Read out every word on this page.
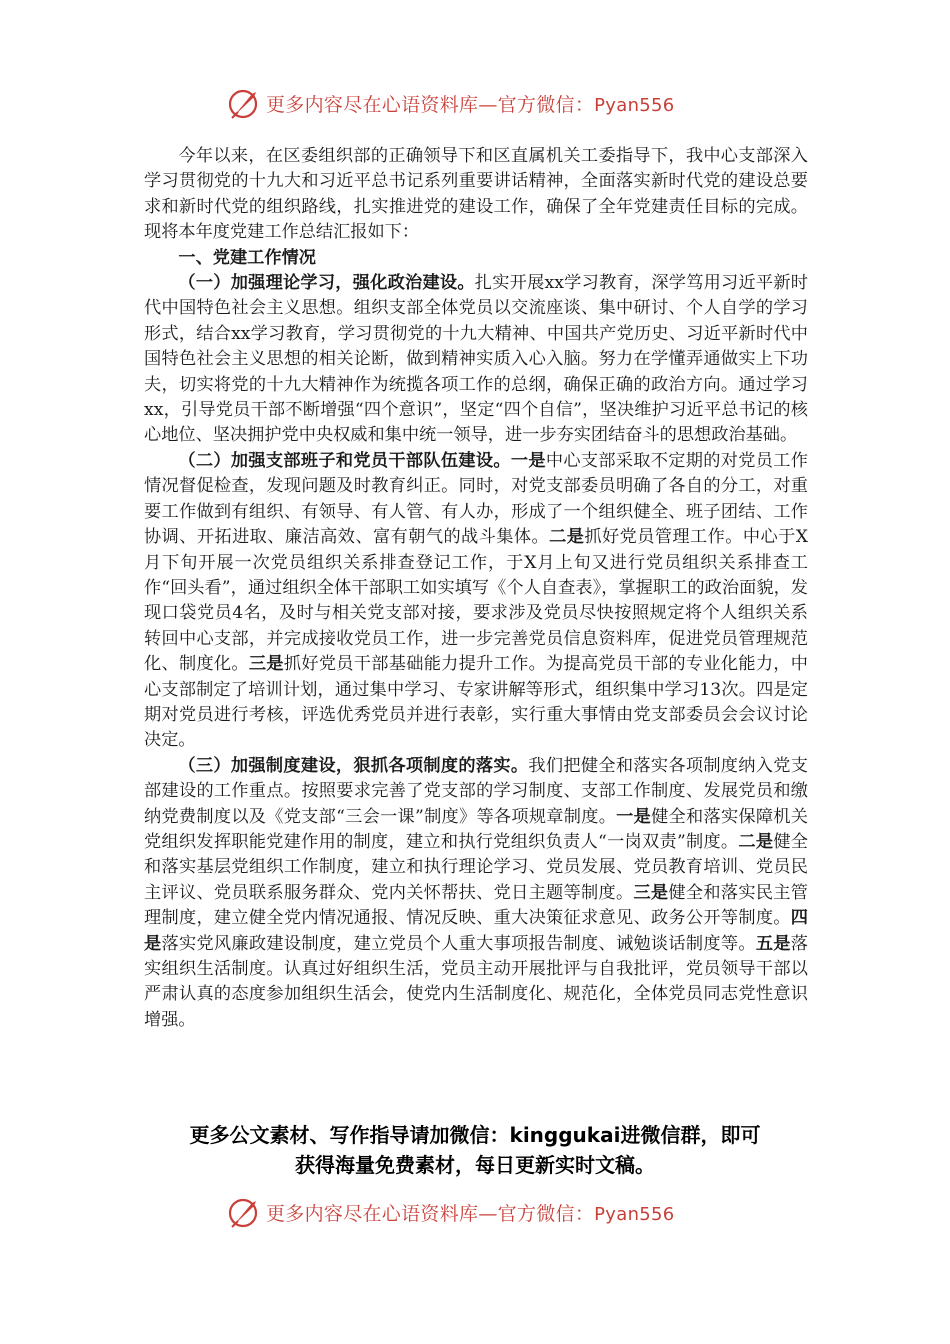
更多内容尽在心语资料库—官方微信：Pyan556

今年以来，在区委组织部的正确领导下和区直属机关工委指导下，我中心支部深入学习贯彻党的十九大和习近平总书记系列重要讲话精神，全面落实新时代党的建设总要求和新时代党的组织路线，扎实推进党的建设工作，确保了全年党建责任目标的完成。现将本年度党建工作总结汇报如下：

一、党建工作情况

（一）加强理论学习，强化政治建设。扎实开展xx学习教育，深学笃用习近平新时代中国特色社会主义思想。组织支部全体党员以交流座谈、集中研讨、个人自学的学习形式，结合xx学习教育，学习贯彻党的十九大精神、中国共产党历史、习近平新时代中国特色社会主义思想的相关论断，做到精神实质入心入脑。努力在学懂弄通做实上下功夫，切实将党的十九大精神作为统揽各项工作的总纲，确保正确的政治方向。通过学习xx，引导党员干部不断增强“四个意识”，坚定“四个自信”，坚决维护习近平总书记的核心地位、坚决拥护党中央权威和集中统一领导，进一步夯实团结奋斗的思想政治基础。

（二）加强支部班子和党员干部队伍建设。一是中心支部采取不定期的对党员工作情况督促检查，发现问题及时教育纠正。同时，对党支部委员明确了各自的分工，对重要工作做到有组织、有领导、有人管、有人办，形成了一个组织健全、班子团结、工作协调、开拓进取、廉洁高效、富有朝气的战斗集体。二是抓好党员管理工作。中心于X月下旬开展一次党员组织关系排查登记工作，于X月上旬又进行党员组织关系排查工作“回头看”，通过组织全体干部职工如实填写《个人自查表》，掌握职工的政治面貌，发现口袋党员4名，及时与相关党支部对接，要求涉及党员尽快按照规定将个人组织关系转回中心支部，并完成接收党员工作，进一步完善党员信息资料库，促进党员管理规范化、制度化。三是抓好党员干部基础能力提升工作。为提高党员干部的专业化能力，中心支部制定了培训计划，通过集中学习、专家讲解等形式，组织集中学习13次。四是定期对党员进行考核，评选优秀党员并进行表彰，实行重大事情由党支部委员会会议讨论决定。

（三）加强制度建设，狠抓各项制度的落实。我们把健全和落实各项制度纳入党支部建设的工作重点。按照要求完善了党支部的学习制度、支部工作制度、发展党员和缴纳党费制度以及《党支部“三会一课”制度》等各项规章制度。一是健全和落实保障机关党组织发挥职能党建作用的制度，建立和执行党组织负责人“一岗双责”制度。二是健全和落实基层党组织工作制度，建立和执行理论学习、党员发展、党员教育培训、党员民主评议、党员联系服务群众、党内关怀帮扶、党日主题等制度。三是健全和落实民主管理制度，建立健全党内情况通报、情况反映、重大决策征求意见、政务公开等制度。四是落实党风廉政建设制度，建立党员个人重大事项报告制度、诫勉谈话制度等。五是落实组织生活制度。认真过好组织生活，党员主动开展批评与自我批评，党员领导干部以严肃认真的态度参加组织生活会，使党内生活制度化、规范化，全体党员同志党性意识增强。

更多公文素材、写作指导请加微信：kinggukai进微信群，即可
获得海量免费素材，每日更新实时文稿。
更多内容尽在心语资料库—官方微信：Pyan556
